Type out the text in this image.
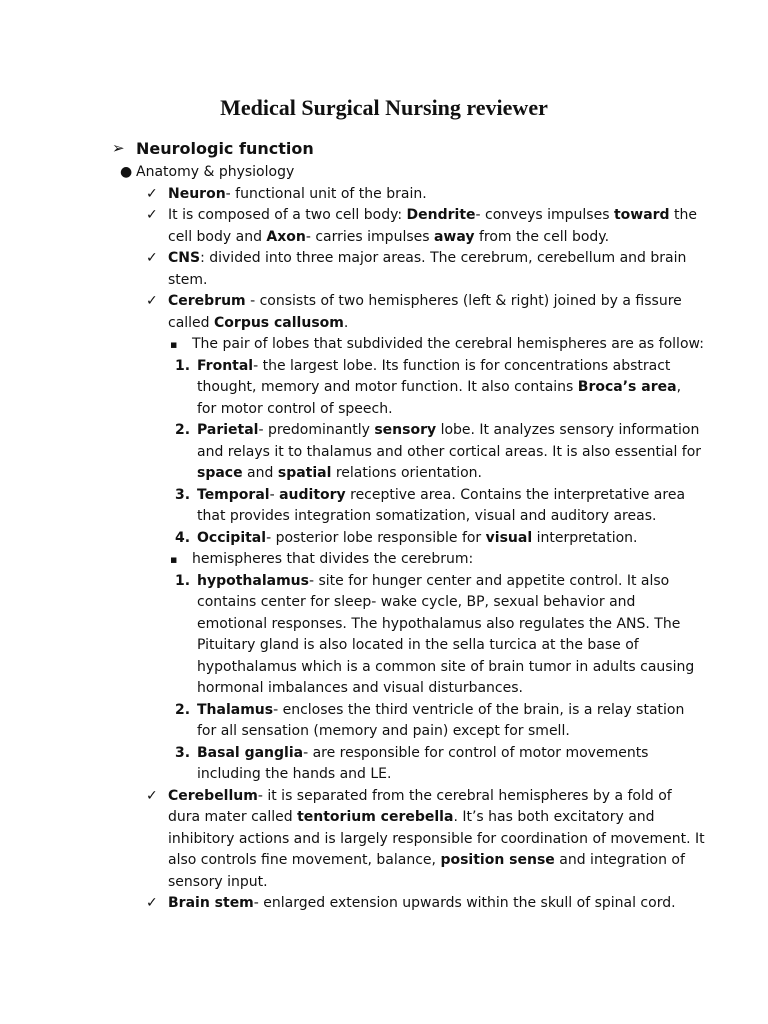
Medical Surgical Nursing reviewer
➢ Neurologic function
● Anatomy & physiology
✓ Neuron- functional unit of the brain.
✓ It is composed of a two cell body: Dendrite- conveys impulses toward the
cell body and Axon- carries impulses away from the cell body.
✓ CNS: divided into three major areas. The cerebrum, cerebellum and brain
stem.
✓ Cerebrum - consists of two hemispheres (left & right) joined by a fissure
called Corpus callusom.
▪ The pair of lobes that subdivided the cerebral hemispheres are as follow:
1. Frontal- the largest lobe. Its function is for concentrations abstract
thought, memory and motor function. It also contains Broca’s area,
for motor control of speech.
2. Parietal- predominantly sensory lobe. It analyzes sensory information
and relays it to thalamus and other cortical areas. It is also essential for
space and spatial relations orientation.
3. Temporal- auditory receptive area. Contains the interpretative area
that provides integration somatization, visual and auditory areas.
4. Occipital- posterior lobe responsible for visual interpretation.
▪ hemispheres that divides the cerebrum:
1. hypothalamus- site for hunger center and appetite control. It also
contains center for sleep- wake cycle, BP, sexual behavior and
emotional responses. The hypothalamus also regulates the ANS. The
Pituitary gland is also located in the sella turcica at the base of
hypothalamus which is a common site of brain tumor in adults causing
hormonal imbalances and visual disturbances.
2. Thalamus- encloses the third ventricle of the brain, is a relay station
for all sensation (memory and pain) except for smell.
3. Basal ganglia- are responsible for control of motor movements
including the hands and LE.
✓ Cerebellum- it is separated from the cerebral hemispheres by a fold of
dura mater called tentorium cerebella. It’s has both excitatory and
inhibitory actions and is largely responsible for coordination of movement. It
also controls fine movement, balance, position sense and integration of
sensory input.
✓ Brain stem- enlarged extension upwards within the skull of spinal cord.
